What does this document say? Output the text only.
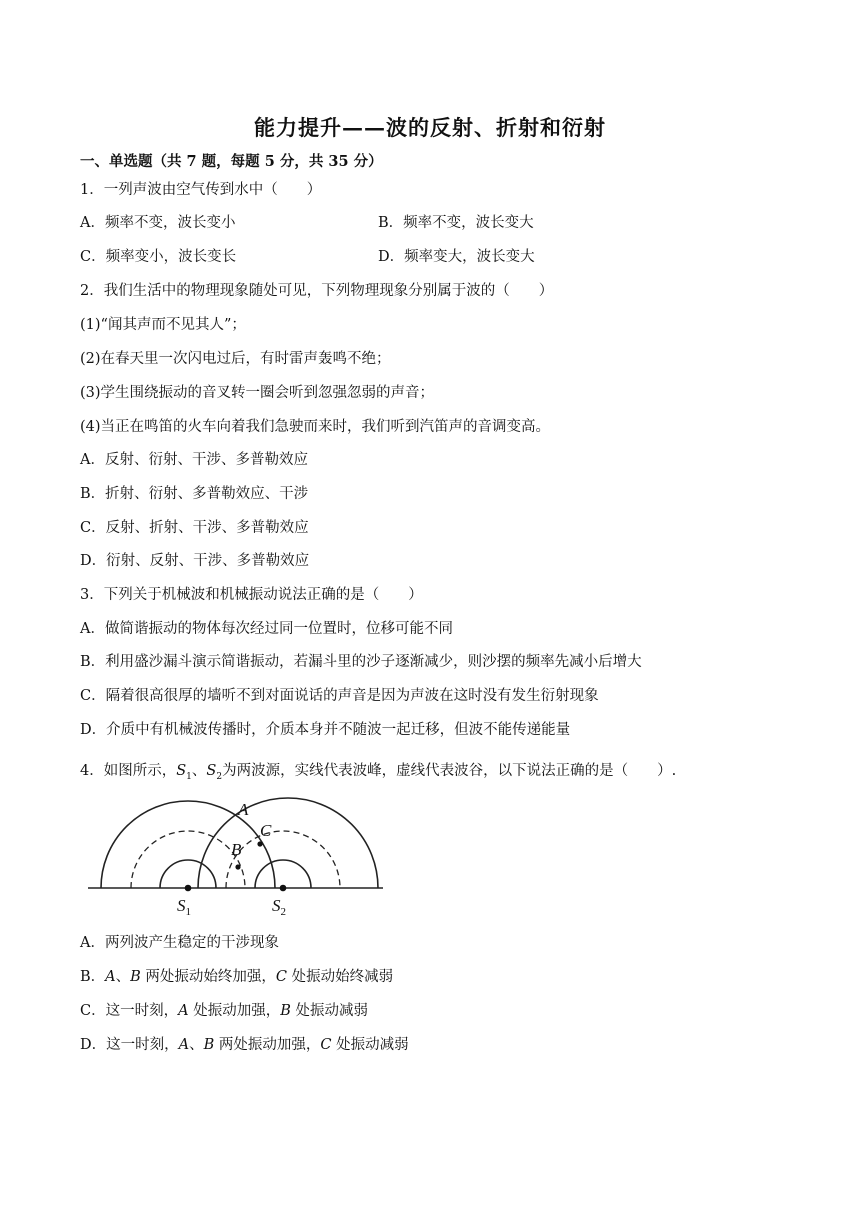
能力提升——波的反射、折射和衍射
一、单选题（共 7 题，每题 5 分，共 35 分）
1．一列声波由空气传到水中（　　）
A．频率不变，波长变小	B．频率不变，波长变大
C．频率变小，波长变长	D．频率变大，波长变大
2．我们生活中的物理现象随处可见，下列物理现象分别属于波的（　　）
(1)“闻其声而不见其人”；
(2)在春天里一次闪电过后，有时雷声轰鸣不绝；
(3)学生围绕振动的音叉转一圈会听到忽强忽弱的声音；
(4)当正在鸣笛的火车向着我们急驶而来时，我们听到汽笛声的音调变高。
A．反射、衍射、干涉、多普勒效应
B．折射、衍射、多普勒效应、干涉
C．反射、折射、干涉、多普勒效应
D．衍射、反射、干涉、多普勒效应
3．下列关于机械波和机械振动说法正确的是（　　）
A．做简谐振动的物体每次经过同一位置时，位移可能不同
B．利用盛沙漏斗演示简谐振动，若漏斗里的沙子逐渐减少，则沙摆的频率先减小后增大
C．隔着很高很厚的墙听不到对面说话的声音是因为声波在这时没有发生衍射现象
D．介质中有机械波传播时，介质本身并不随波一起迁移，但波不能传递能量
4．如图所示，$S_1$、$S_2$为两波源，实线代表波峰，虚线代表波谷，以下说法正确的是（　　）.
A
B
C
$S_1$	$S_2$
A．两列波产生稳定的干涉现象
B．A、B 两处振动始终加强，C 处振动始终减弱
C．这一时刻，A 处振动加强，B 处振动减弱
D．这一时刻，A、B 两处振动加强，C 处振动减弱
